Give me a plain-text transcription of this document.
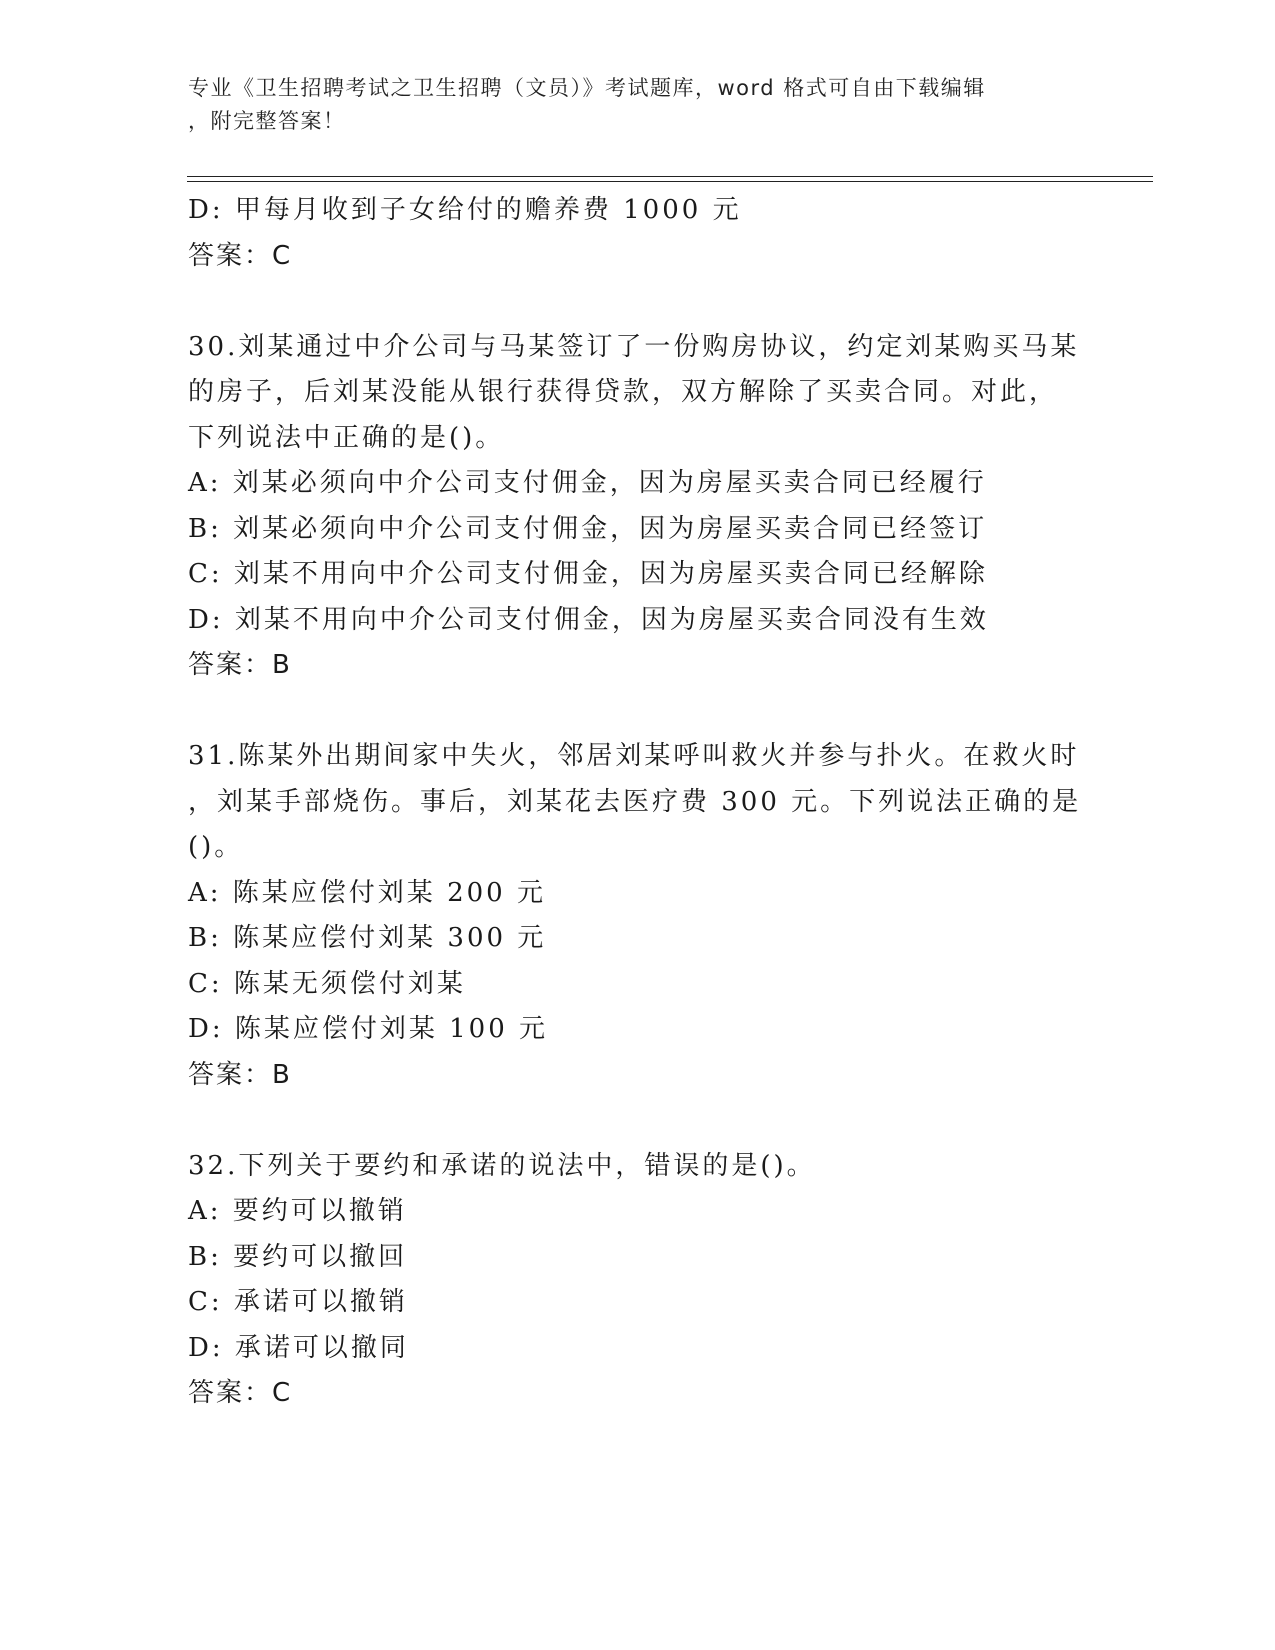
专业《卫生招聘考试之卫生招聘（文员）》考试题库，word 格式可自由下载编辑
，附完整答案！
D: 甲每月收到子女给付的赡养费 1000 元
答案：C
30.刘某通过中介公司与马某签订了一份购房协议，约定刘某购买马某
的房子，后刘某没能从银行获得贷款，双方解除了买卖合同。对此，
下列说法中正确的是()。
A: 刘某必须向中介公司支付佣金，因为房屋买卖合同已经履行
B: 刘某必须向中介公司支付佣金，因为房屋买卖合同已经签订
C: 刘某不用向中介公司支付佣金，因为房屋买卖合同已经解除
D: 刘某不用向中介公司支付佣金，因为房屋买卖合同没有生效
答案：B
31.陈某外出期间家中失火，邻居刘某呼叫救火并参与扑火。在救火时
，刘某手部烧伤。事后，刘某花去医疗费 300 元。下列说法正确的是
()。
A: 陈某应偿付刘某 200 元
B: 陈某应偿付刘某 300 元
C: 陈某无须偿付刘某
D: 陈某应偿付刘某 100 元
答案：B
32.下列关于要约和承诺的说法中，错误的是()。
A: 要约可以撤销
B: 要约可以撤回
C: 承诺可以撤销
D: 承诺可以撤同
答案：C
